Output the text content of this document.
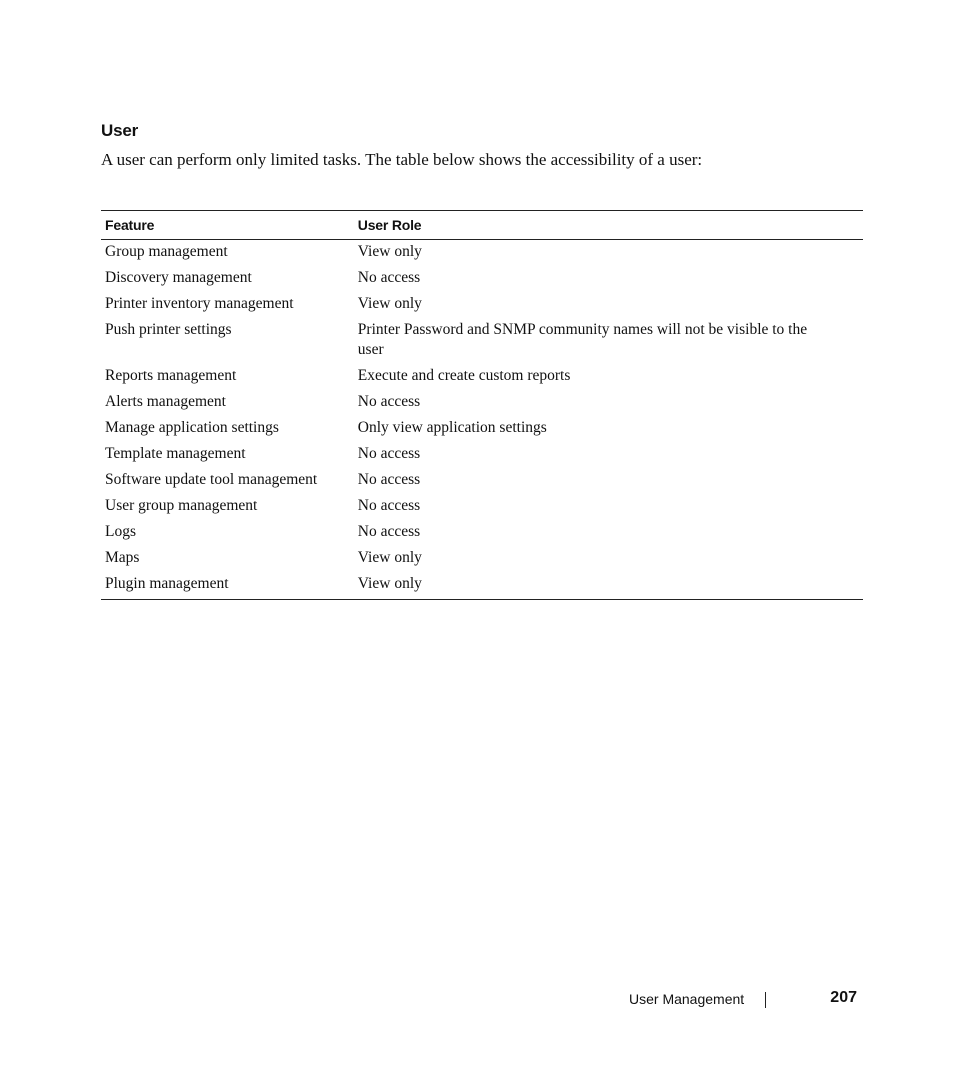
User

A user can perform only limited tasks. The table below shows the accessibility of a user:

Feature	User Role
Group management	View only
Discovery management	No access
Printer inventory management	View only
Push printer settings	Printer Password and SNMP community names will not be visible to the user
Reports management	Execute and create custom reports
Alerts management	No access
Manage application settings	Only view application settings
Template management	No access
Software update tool management	No access
User group management	No access
Logs	No access
Maps	View only
Plugin management	View only
User Management	207
